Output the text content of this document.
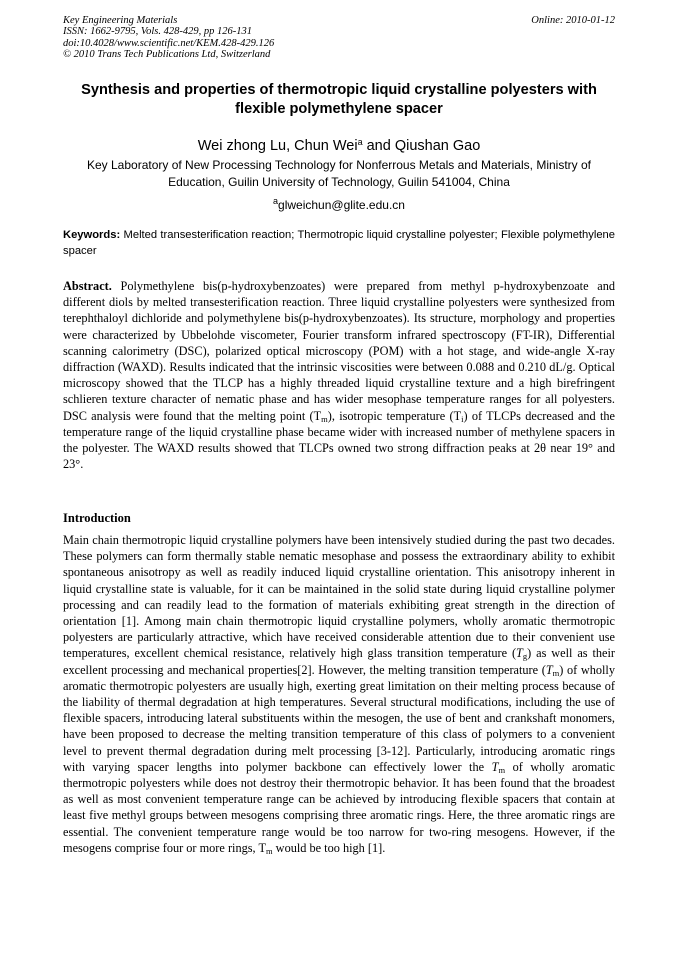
Key Engineering Materials
ISSN: 1662-9795, Vols. 428-429, pp 126-131
doi:10.4028/www.scientific.net/KEM.428-429.126
© 2010 Trans Tech Publications Ltd, Switzerland
Online: 2010-01-12
Synthesis and properties of thermotropic liquid crystalline polyesters with flexible polymethylene spacer
Wei zhong Lu, Chun Wei$^a$ and Qiushan Gao
Key Laboratory of New Processing Technology for Nonferrous Metals and Materials, Ministry of Education, Guilin University of Technology, Guilin 541004, China
$^a$glweichun@glite.edu.cn
Keywords: Melted transesterification reaction; Thermotropic liquid crystalline polyester; Flexible polymethylene spacer
Abstract. Polymethylene bis(p-hydroxybenzoates) were prepared from methyl p-hydroxybenzoate and different diols by melted transesterification reaction. Three liquid crystalline polyesters were synthesized from terephthaloyl dichloride and polymethylene bis(p-hydroxybenzoates). Its structure, morphology and properties were characterized by Ubbelohde viscometer, Fourier transform infrared spectroscopy (FT-IR), Differential scanning calorimetry (DSC), polarized optical microscopy (POM) with a hot stage, and wide-angle X-ray diffraction (WAXD). Results indicated that the intrinsic viscosities were between 0.088 and 0.210 dL/g. Optical microscopy showed that the TLCP has a highly threaded liquid crystalline texture and a high birefringent schlieren texture character of nematic phase and has wider mesophase temperature ranges for all polyesters. DSC analysis were found that the melting point $(T_m)$, isotropic temperature $(T_i)$ of TLCPs decreased and the temperature range of the liquid crystalline phase became wider with increased number of methylene spacers in the polyester. The WAXD results showed that TLCPs owned two strong diffraction peaks at 2θ near 19° and 23°.
Introduction
Main chain thermotropic liquid crystalline polymers have been intensively studied during the past two decades. These polymers can form thermally stable nematic mesophase and possess the extraordinary ability to exhibit spontaneous anisotropy as well as readily induced liquid crystalline orientation. This anisotropy inherent in liquid crystalline state is valuable, for it can be maintained in the solid state during liquid crystalline polymer processing and can readily lead to the formation of materials exhibiting great strength in the direction of orientation [1]. Among main chain thermotropic liquid crystalline polymers, wholly aromatic thermotropic polyesters are particularly attractive, which have received considerable attention due to their convenient use temperatures, excellent chemical resistance, relatively high glass transition temperature $(T_g)$ as well as their excellent processing and mechanical properties[2]. However, the melting transition temperature $(T_m)$ of wholly aromatic thermotropic polyesters are usually high, exerting great limitation on their melting process because of the liability of thermal degradation at high temperatures. Several structural modifications, including the use of flexible spacers, introducing lateral substituents within the mesogen, the use of bent and crankshaft monomers, have been proposed to decrease the melting transition temperature of this class of polymers to a convenient level to prevent thermal degradation during melt processing [3-12]. Particularly, introducing aromatic rings with varying spacer lengths into polymer backbone can effectively lower the $T_m$ of wholly aromatic thermotropic polyesters while does not destroy their thermotropic behavior. It has been found that the broadest as well as most convenient temperature range can be achieved by introducing flexible spacers that contain at least five methyl groups between mesogens comprising three aromatic rings. Here, the three aromatic rings are essential. The convenient temperature range would be too narrow for two-ring mesogens. However, if the mesogens comprise four or more rings, $T_m$ would be too high [1].
